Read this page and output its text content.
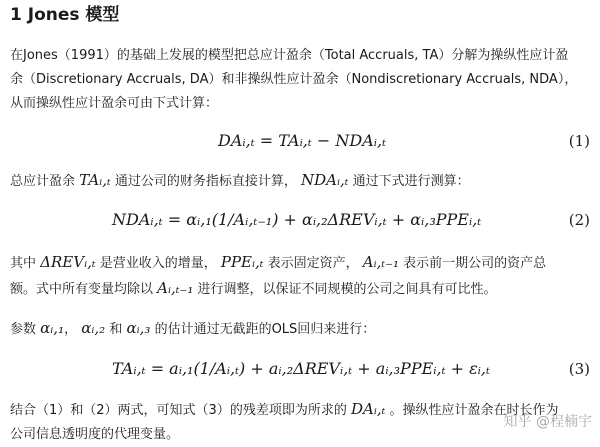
1 Jones 模型
在Jones（1991）的基础上发展的模型把总应计盈余（Total Accruals, TA）分解为操纵性应计盈
余（Discretionary Accruals, DA）和非操纵性应计盈余（Nondiscretionary Accruals, NDA），
从而操纵性应计盈余可由下式计算：
DAᵢ,ₜ = TAᵢ,ₜ − NDAᵢ,ₜ	(1)
总应计盈余 TAᵢ,ₜ 通过公司的财务指标直接计算， NDAᵢ,ₜ 通过下式进行测算：
NDAᵢ,ₜ = αᵢ,₁(1/Aᵢ,ₜ₋₁) + αᵢ,₂ΔREVᵢ,ₜ + αᵢ,₃PPEᵢ,ₜ	(2)
其中 ΔREVᵢ,ₜ 是营业收入的增量， PPEᵢ,ₜ 表示固定资产， Aᵢ,ₜ₋₁ 表示前一期公司的资产总
额。式中所有变量均除以 Aᵢ,ₜ₋₁ 进行调整，以保证不同规模的公司之间具有可比性。
参数 αᵢ,₁， αᵢ,₂ 和 αᵢ,₃ 的估计通过无截距的OLS回归来进行：
TAᵢ,ₜ = aᵢ,₁(1/Aᵢ,ₜ) + aᵢ,₂ΔREVᵢ,ₜ + aᵢ,₃PPEᵢ,ₜ + εᵢ,ₜ	(3)
结合（1）和（2）两式，可知式（3）的残差项即为所求的 DAᵢ,ₜ 。操纵性应计盈余在时长作为
公司信息透明度的代理变量。
知乎 @程楠宇
